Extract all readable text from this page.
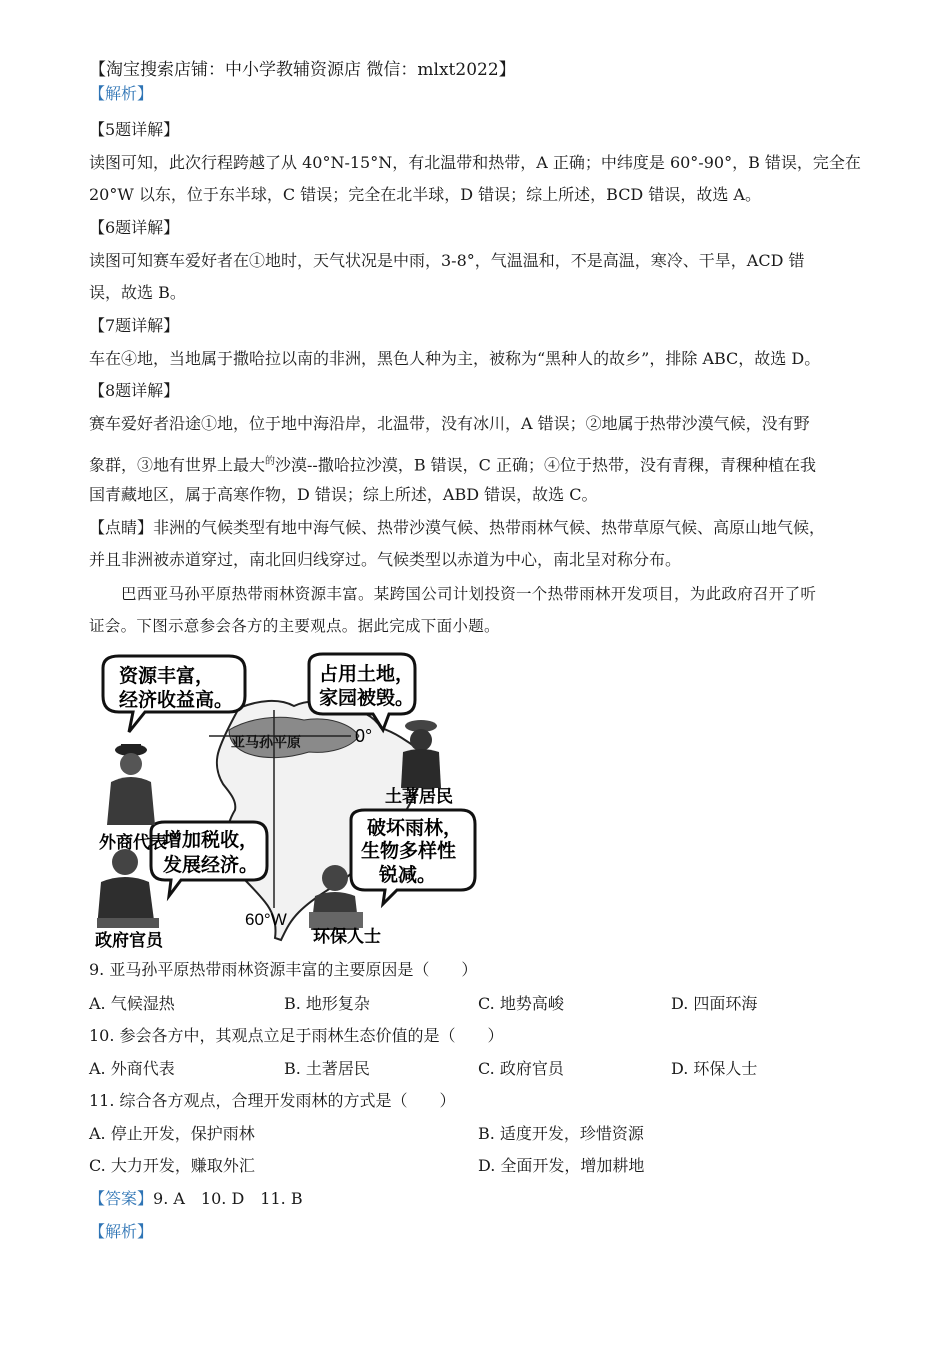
【淘宝搜索店铺：中小学教辅资源店 微信：mlxt2022】
【解析】
【5题详解】
读图可知，此次行程跨越了从 40°N-15°N，有北温带和热带，A 正确；中纬度是 60°-90°，B 错误，完全在
20°W 以东，位于东半球，C 错误；完全在北半球，D 错误；综上所述，BCD 错误，故选 A。
【6题详解】
读图可知赛车爱好者在①地时，天气状况是中雨，3-8°，气温温和，不是高温，寒冷、干旱，ACD 错
误，故选 B。
【7题详解】
车在④地，当地属于撒哈拉以南的非洲，黑色人种为主，被称为“黑种人的故乡”，排除 ABC，故选 D。
【8题详解】
赛车爱好者沿途①地，位于地中海沿岸，北温带，没有冰川，A 错误；②地属于热带沙漠气候，没有野
象群，③地有世界上最大$^的$沙漠--撒哈拉沙漠，B 错误，C 正确；④位于热带，没有青稞，青稞种植在我
国青藏地区，属于高寒作物，D 错误；综上所述，ABD 错误，故选 C。
【点睛】非洲的气候类型有地中海气候、热带沙漠气候、热带雨林气候、热带草原气候、高原山地气候，
并且非洲被赤道穿过，南北回归线穿过。气候类型以赤道为中心，南北呈对称分布。
巴西亚马孙平原热带雨林资源丰富。某跨国公司计划投资一个热带雨林开发项目，为此政府召开了听
证会。下图示意参会各方的主要观点。据此完成下面小题。
资源丰富，
经济收益高。
占用土地，
家园被毁。
增加税收，
发展经济。
破坏雨林，
生物多样性
锐减。
亚马孙平原	0°
60°W
外商代表
土著居民
政府官员	环保人士
9. 亚马孙平原热带雨林资源丰富的主要原因是（　　）
A. 气候湿热	B. 地形复杂	C. 地势高峻	D. 四面环海
10. 参会各方中，其观点立足于雨林生态价值的是（　　）
A. 外商代表	B. 土著居民	C. 政府官员	D. 环保人士
11. 综合各方观点，合理开发雨林的方式是（　　）
A. 停止开发，保护雨林	B. 适度开发，珍惜资源
C. 大力开发，赚取外汇	D. 全面开发，增加耕地
【答案】9. A　10. D　11. B
【解析】
